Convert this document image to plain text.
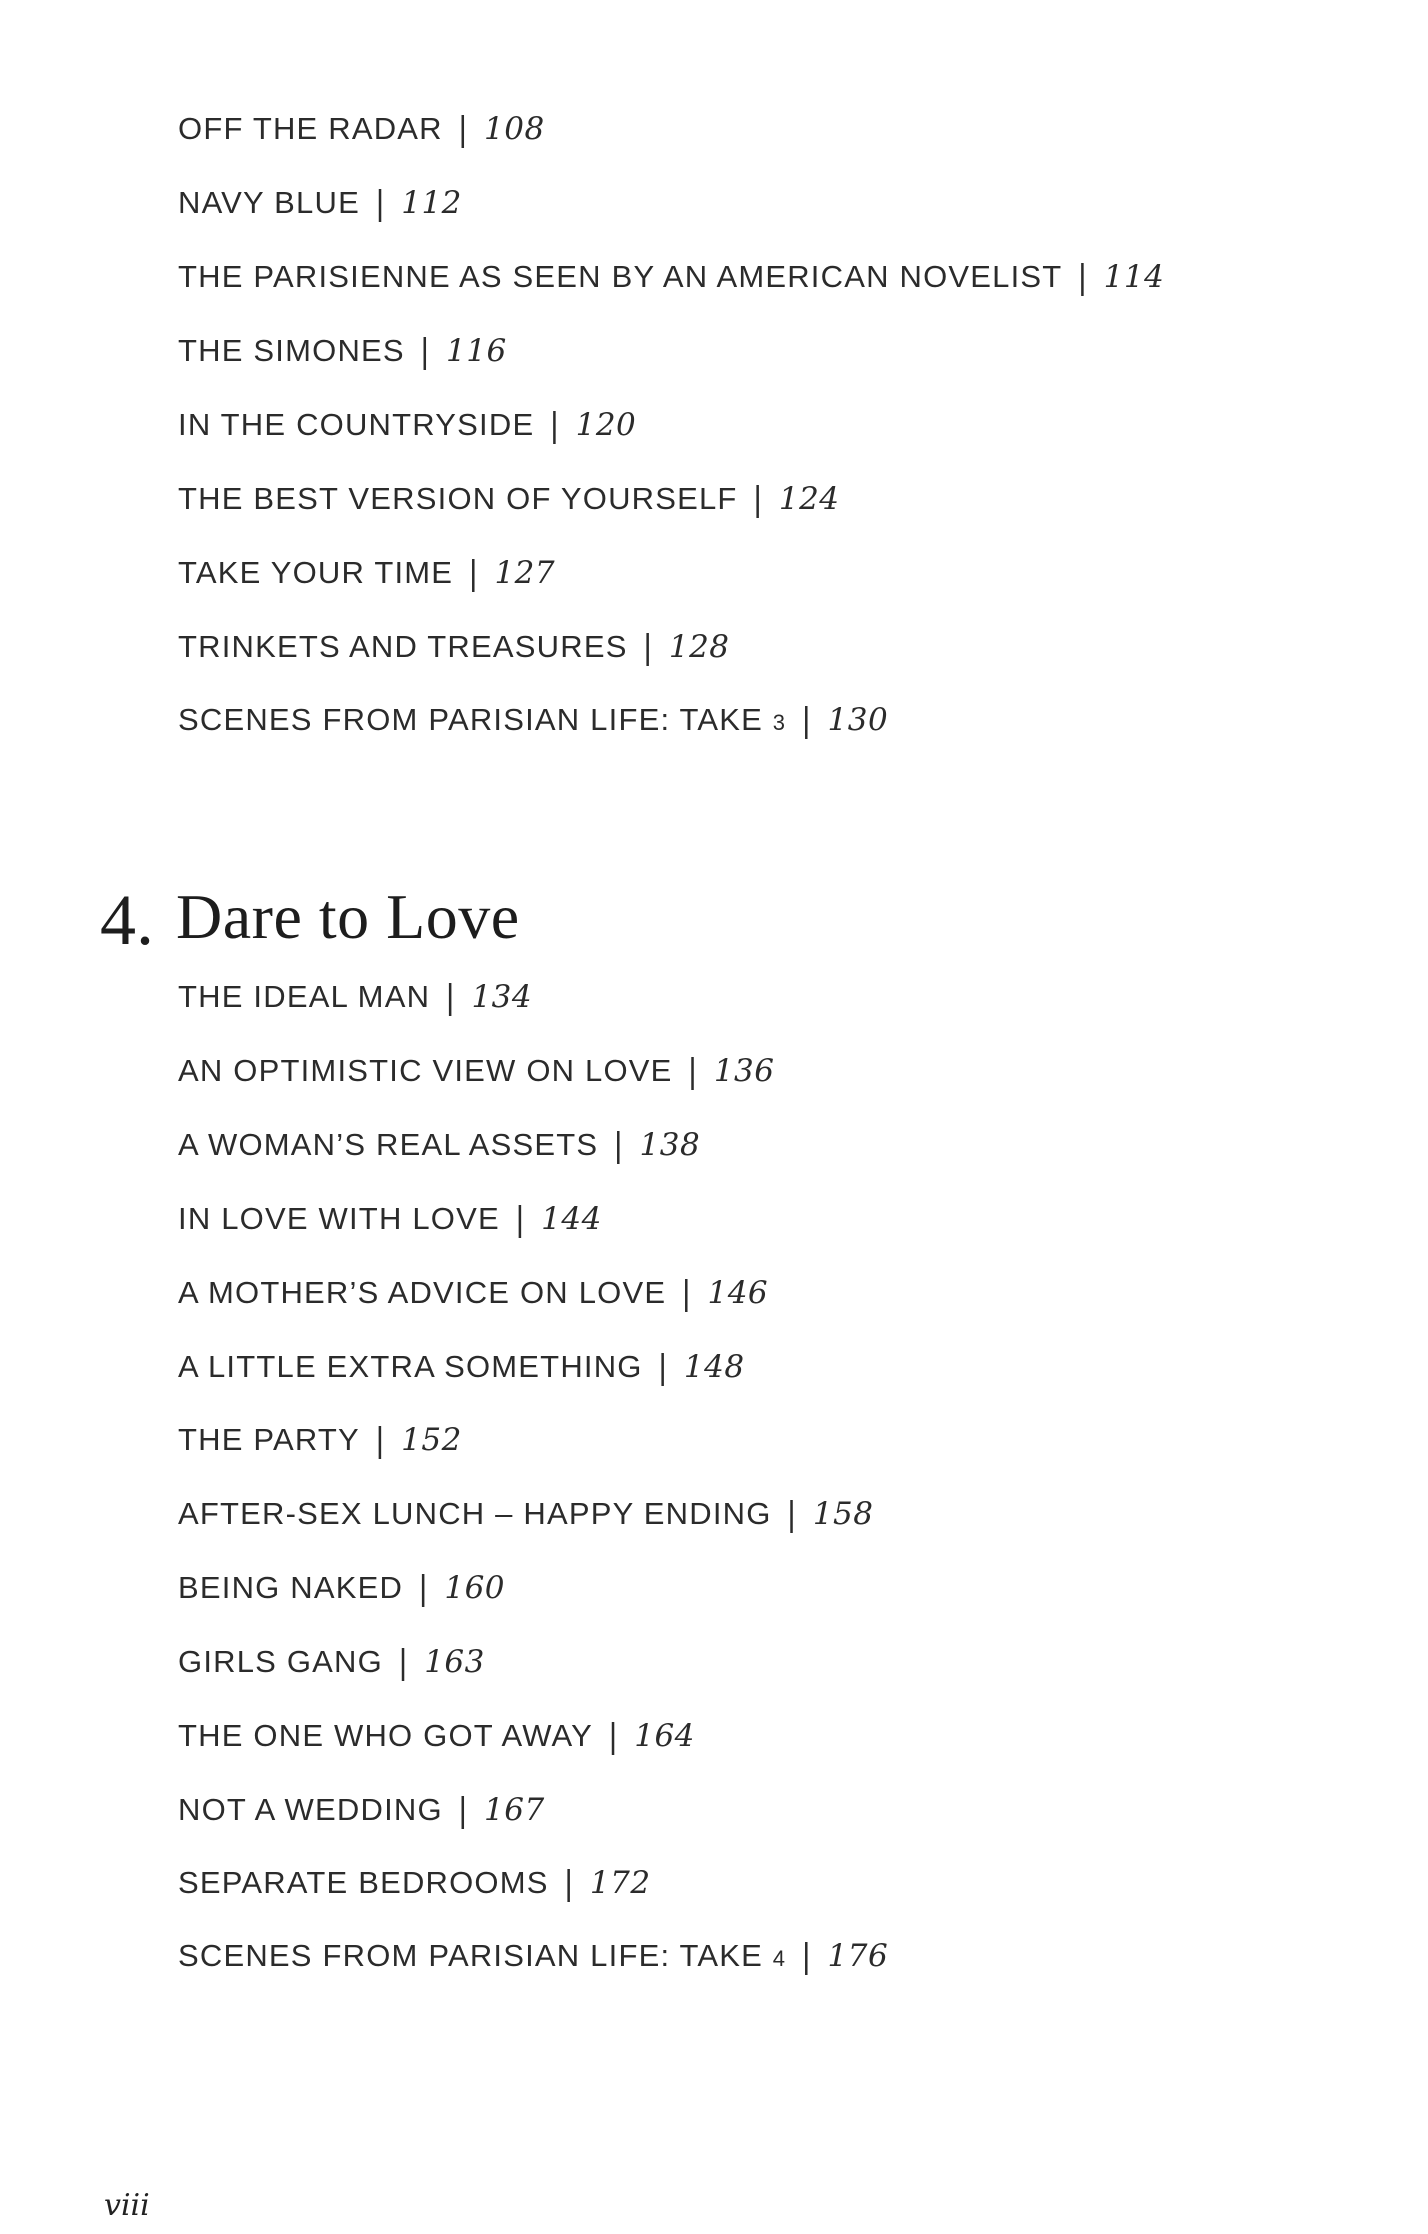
OFF THE RADAR | 108
NAVY BLUE | 112
THE PARISIENNE AS SEEN BY AN AMERICAN NOVELIST | 114
THE SIMONES | 116
IN THE COUNTRYSIDE | 120
THE BEST VERSION OF YOURSELF | 124
TAKE YOUR TIME | 127
TRINKETS AND TREASURES | 128
SCENES FROM PARISIAN LIFE: TAKE 3 | 130
4. Dare to Love
THE IDEAL MAN | 134
AN OPTIMISTIC VIEW ON LOVE | 136
A WOMAN’S REAL ASSETS | 138
IN LOVE WITH LOVE | 144
A MOTHER’S ADVICE ON LOVE | 146
A LITTLE EXTRA SOMETHING | 148
THE PARTY | 152
AFTER-SEX LUNCH – HAPPY ENDING | 158
BEING NAKED | 160
GIRLS GANG | 163
THE ONE WHO GOT AWAY | 164
NOT A WEDDING | 167
SEPARATE BEDROOMS | 172
SCENES FROM PARISIAN LIFE: TAKE 4 | 176
viii
